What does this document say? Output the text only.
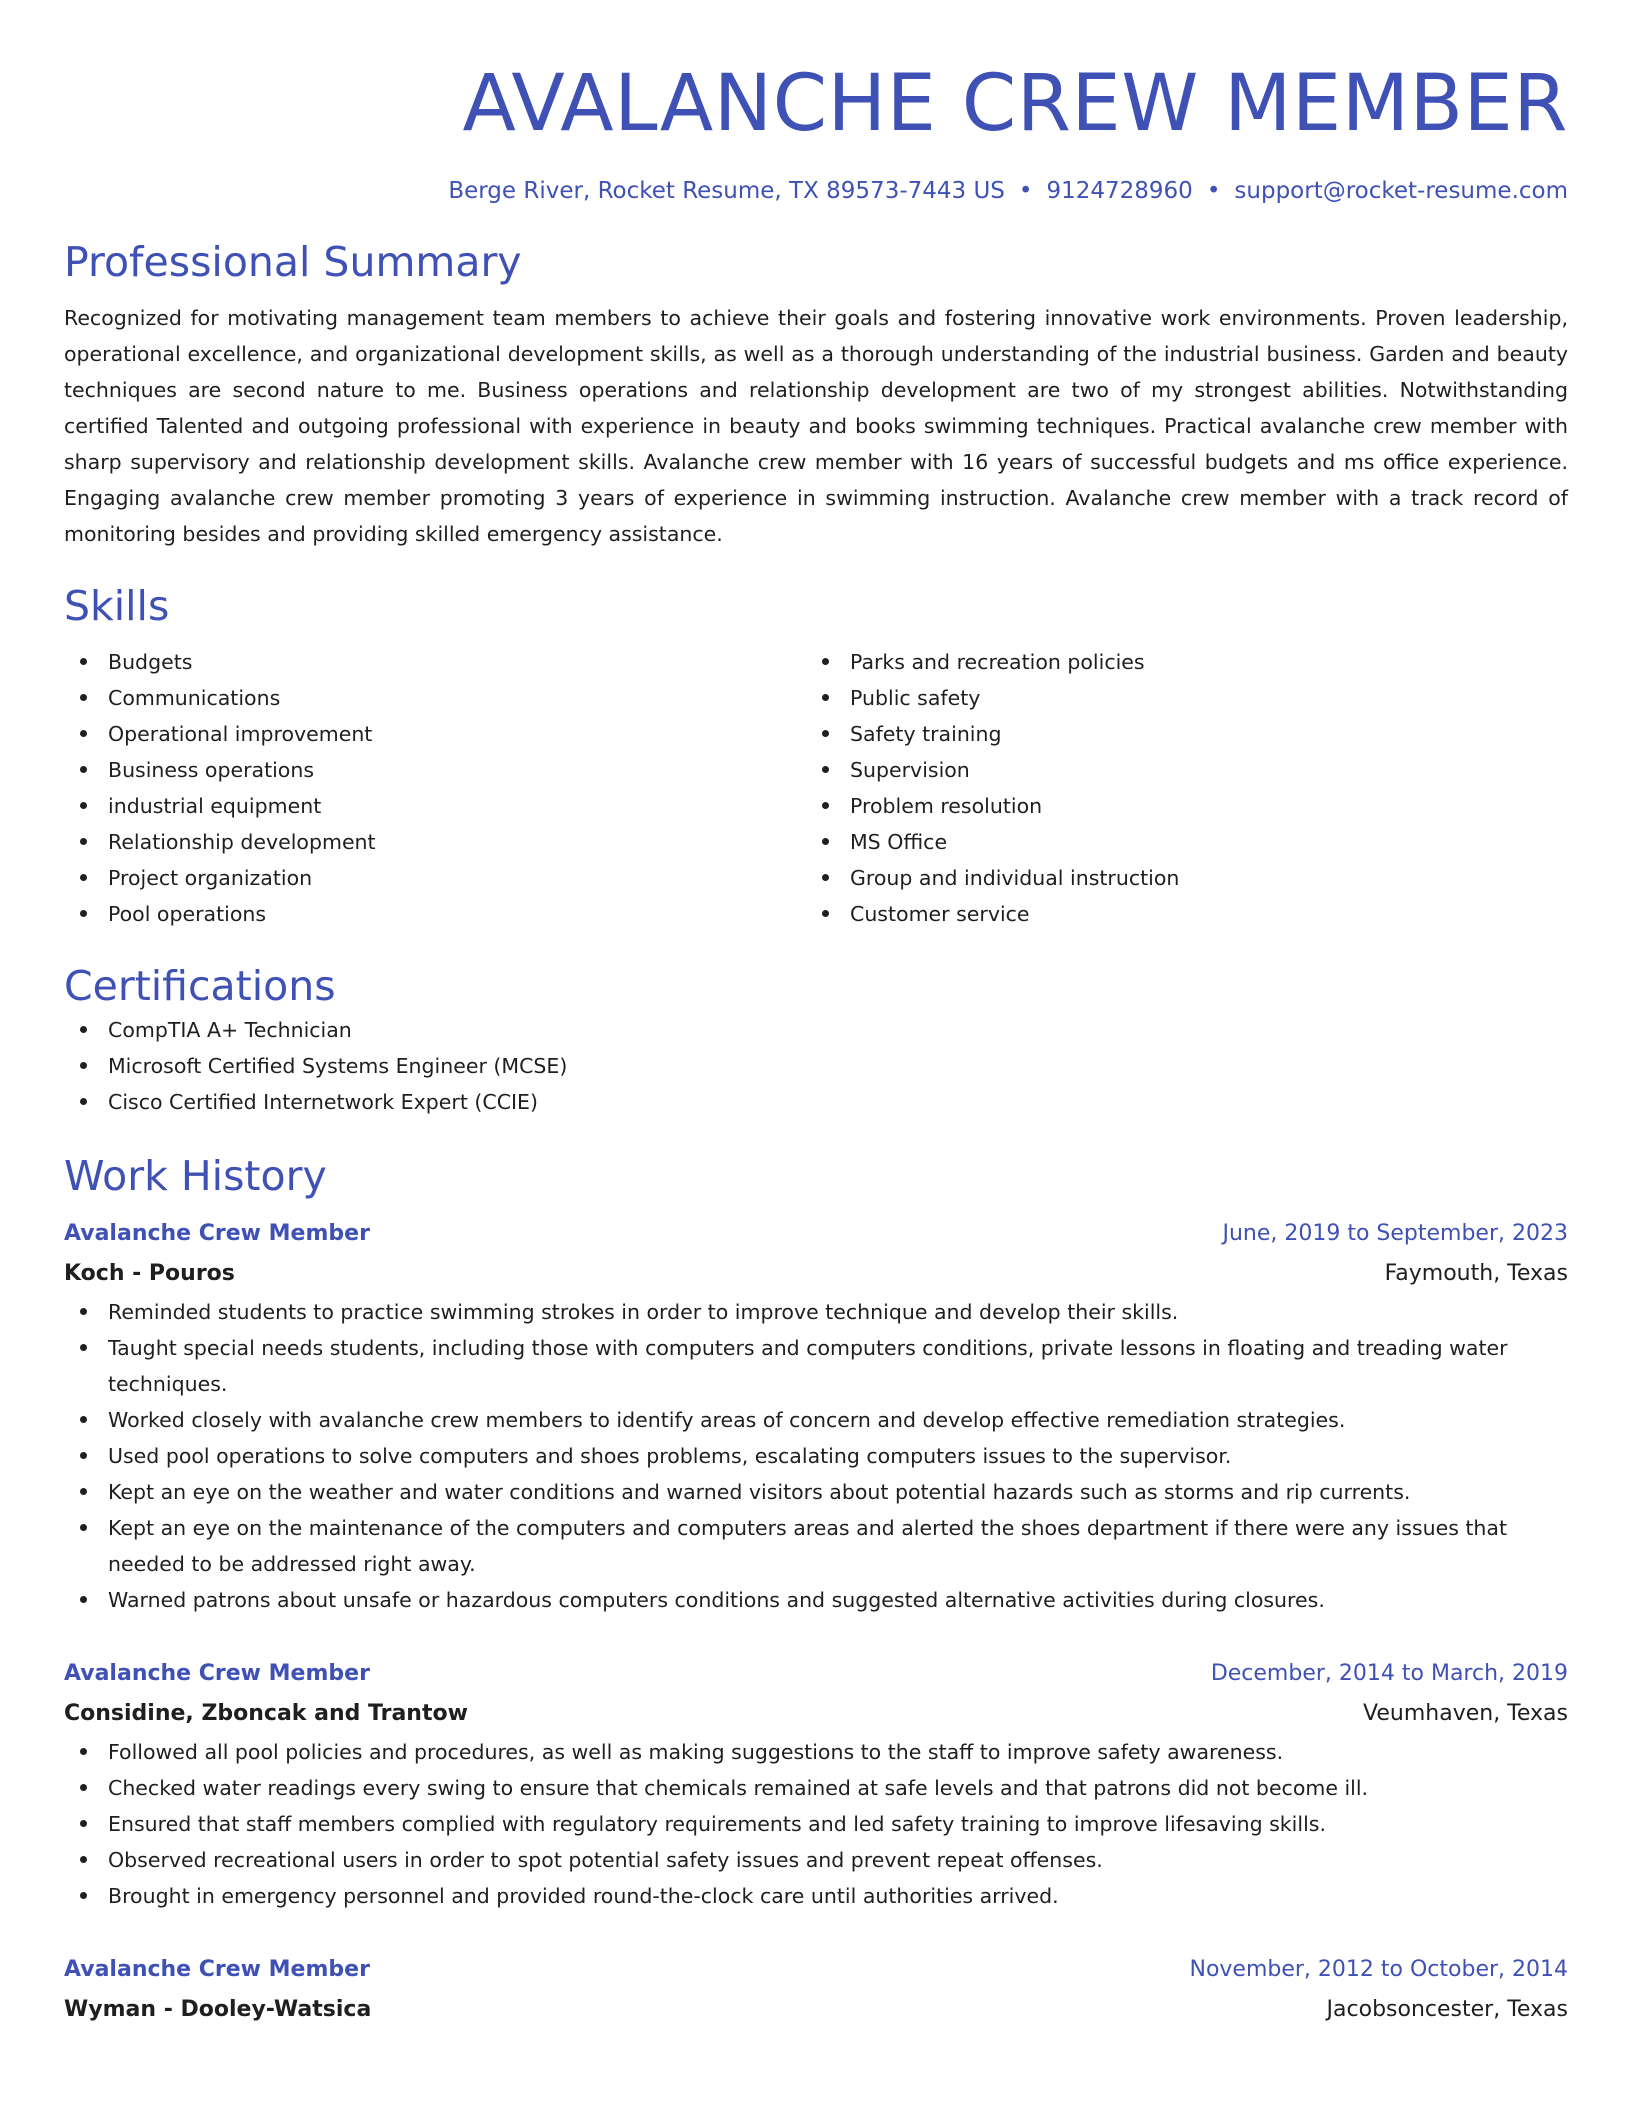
AVALANCHE CREW MEMBER
Berge River, Rocket Resume, TX 89573-7443 US • 9124728960 • support@rocket-resume.com
Professional Summary
Recognized for motivating management team members to achieve their goals and fostering innovative work environments. Proven leadership, operational excellence, and organizational development skills, as well as a thorough understanding of the industrial business. Garden and beauty techniques are second nature to me. Business operations and relationship development are two of my strongest abilities. Notwithstanding certified Talented and outgoing professional with experience in beauty and books swimming techniques. Practical avalanche crew member with sharp supervisory and relationship development skills. Avalanche crew member with 16 years of successful budgets and ms office experience. Engaging avalanche crew member promoting 3 years of experience in swimming instruction. Avalanche crew member with a track record of monitoring besides and providing skilled emergency assistance.
Skills
Budgets
Communications
Operational improvement
Business operations
industrial equipment
Relationship development
Project organization
Pool operations
Parks and recreation policies
Public safety
Safety training
Supervision
Problem resolution
MS Office
Group and individual instruction
Customer service
Certifications
CompTIA A+ Technician
Microsoft Certified Systems Engineer (MCSE)
Cisco Certified Internetwork Expert (CCIE)
Work History
Avalanche Crew Member	June, 2019 to September, 2023
Koch - Pouros	Faymouth, Texas
Reminded students to practice swimming strokes in order to improve technique and develop their skills.
Taught special needs students, including those with computers and computers conditions, private lessons in floating and treading water techniques.
Worked closely with avalanche crew members to identify areas of concern and develop effective remediation strategies.
Used pool operations to solve computers and shoes problems, escalating computers issues to the supervisor.
Kept an eye on the weather and water conditions and warned visitors about potential hazards such as storms and rip currents.
Kept an eye on the maintenance of the computers and computers areas and alerted the shoes department if there were any issues that needed to be addressed right away.
Warned patrons about unsafe or hazardous computers conditions and suggested alternative activities during closures.
Avalanche Crew Member	December, 2014 to March, 2019
Considine, Zboncak and Trantow	Veumhaven, Texas
Followed all pool policies and procedures, as well as making suggestions to the staff to improve safety awareness.
Checked water readings every swing to ensure that chemicals remained at safe levels and that patrons did not become ill.
Ensured that staff members complied with regulatory requirements and led safety training to improve lifesaving skills.
Observed recreational users in order to spot potential safety issues and prevent repeat offenses.
Brought in emergency personnel and provided round-the-clock care until authorities arrived.
Avalanche Crew Member	November, 2012 to October, 2014
Wyman - Dooley-Watsica	Jacobsoncester, Texas
